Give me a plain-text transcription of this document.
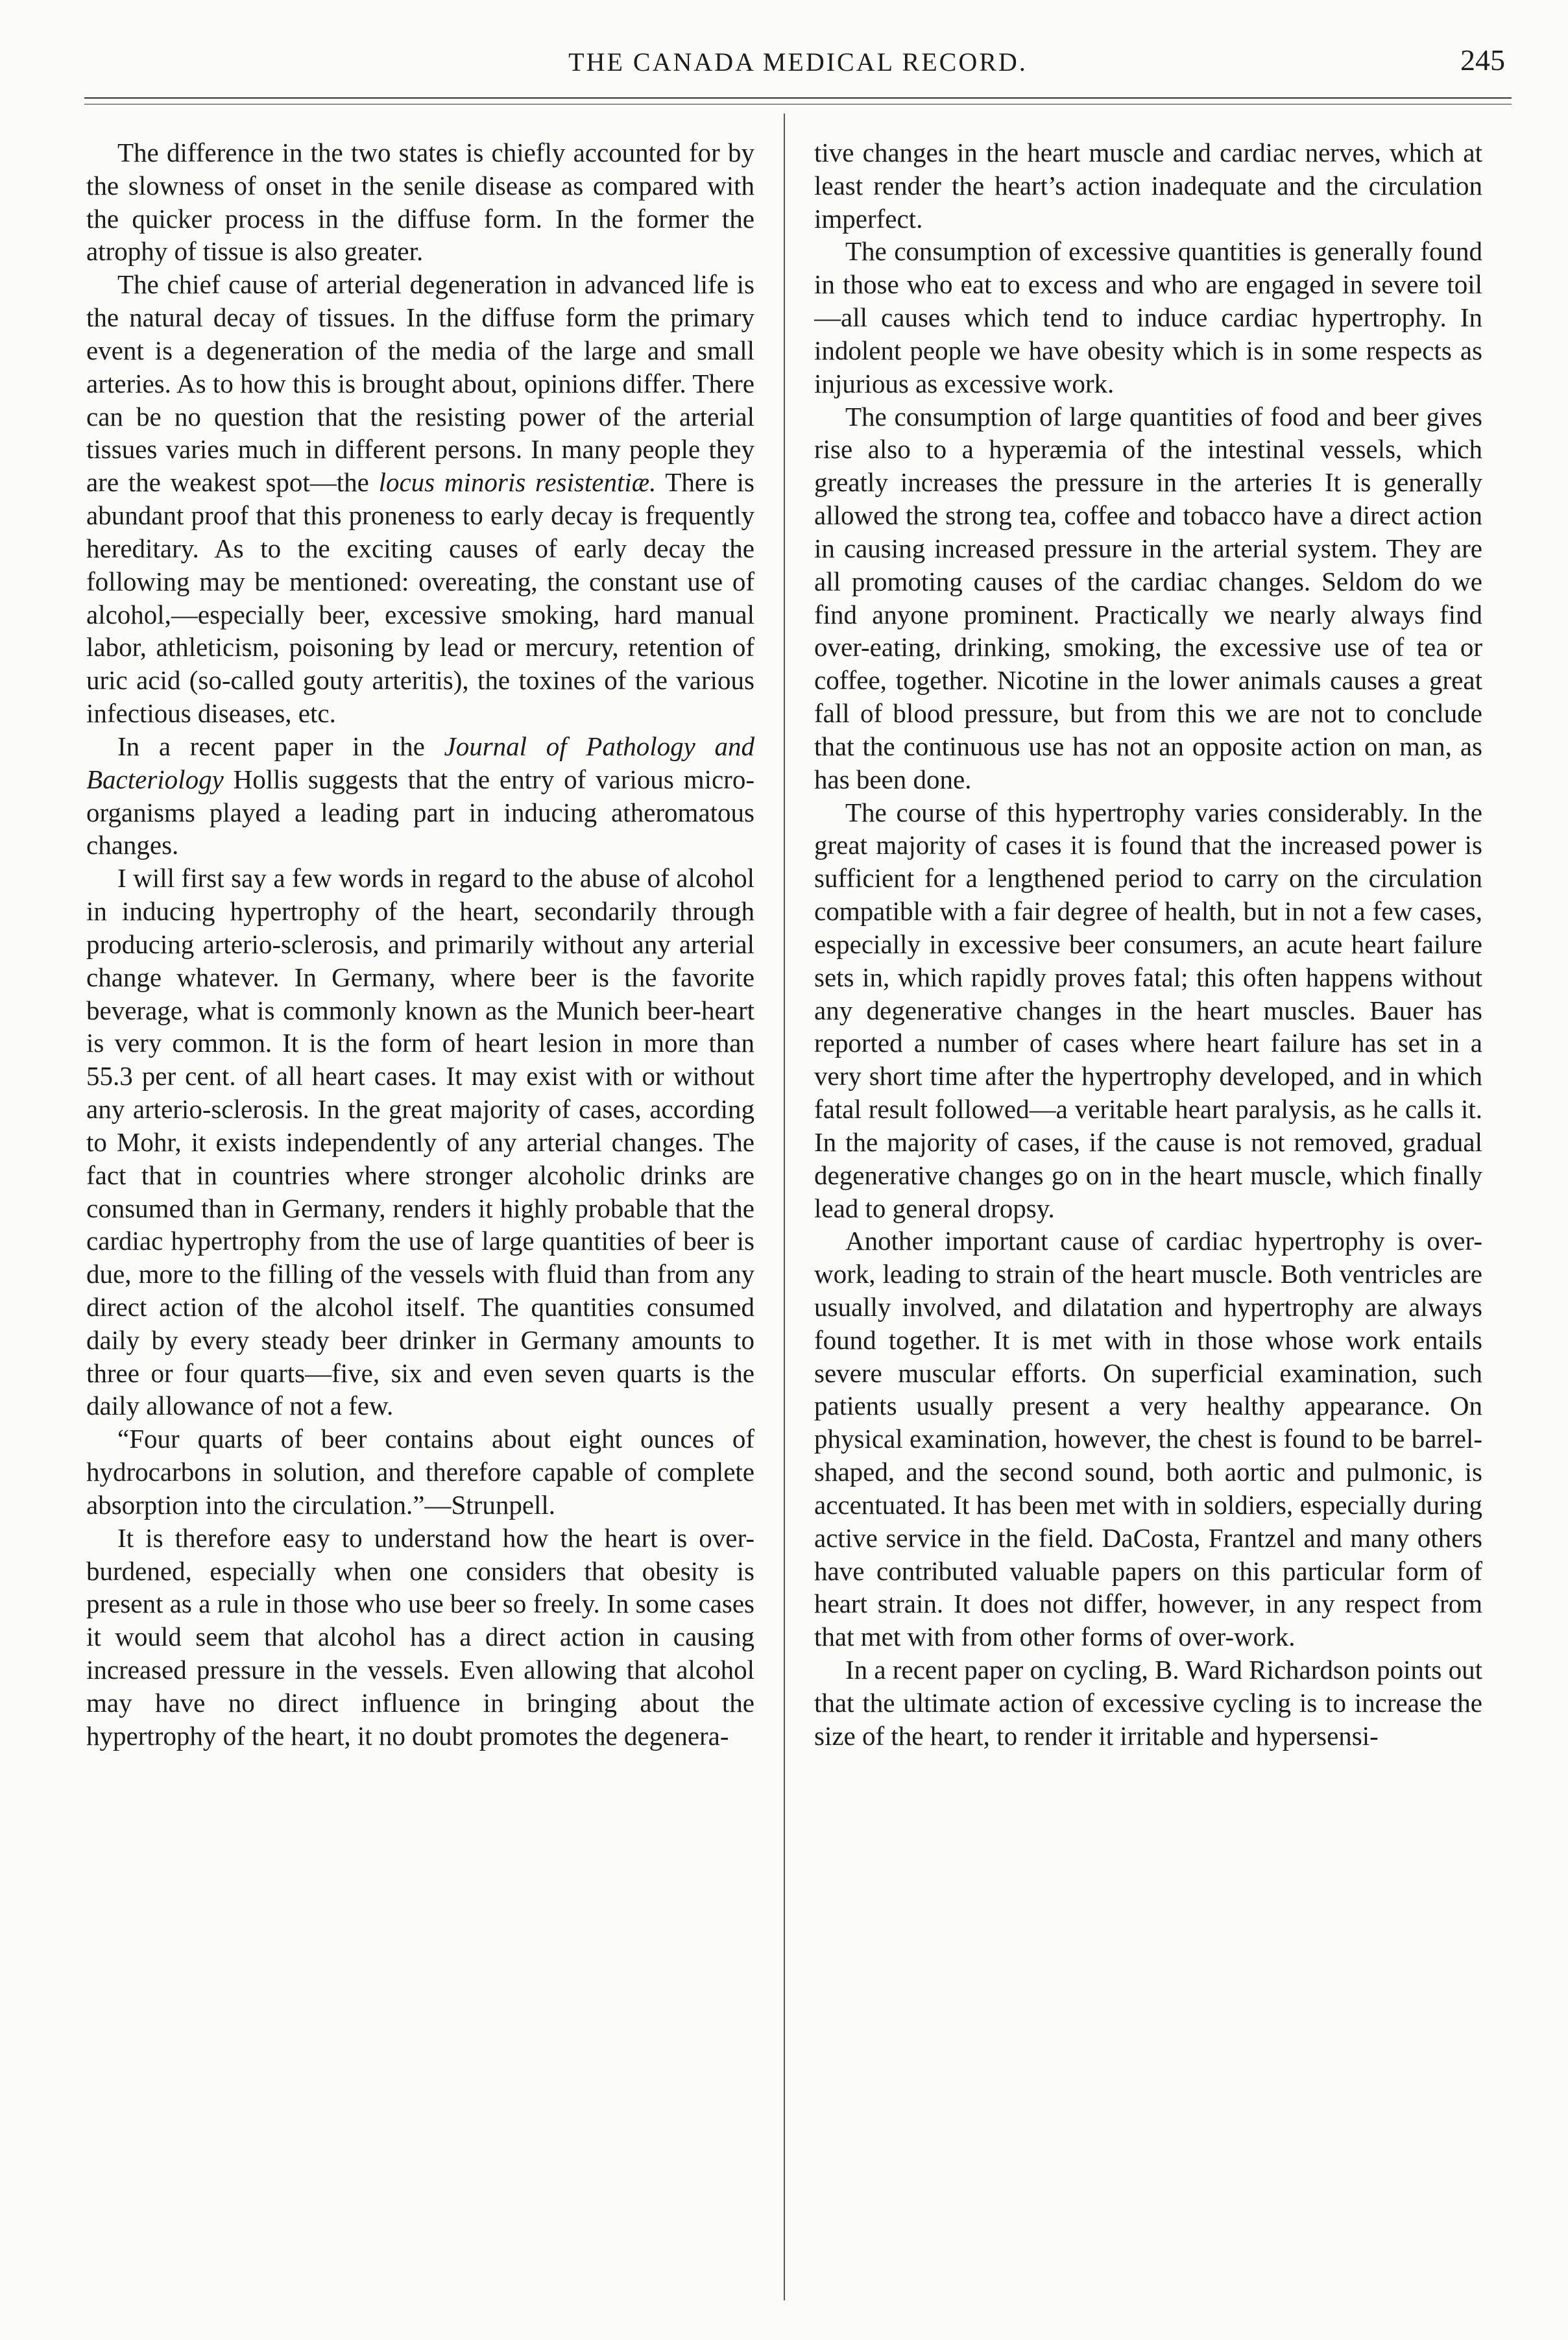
THE CANADA MEDICAL RECORD.	245

The difference in the two states is chiefly accounted for by the slowness of onset in the senile disease as compared with the quicker process in the diffuse form. In the former the atrophy of tissue is also greater.

The chief cause of arterial degeneration in advanced life is the natural decay of tissues. In the diffuse form the primary event is a degeneration of the media of the large and small arteries. As to how this is brought about, opinions differ. There can be no question that the resisting power of the arterial tissues varies much in different persons. In many people they are the weakest spot—the locus minoris resistentiæ. There is abundant proof that this proneness to early decay is frequently hereditary. As to the exciting causes of early decay the following may be mentioned: overeating, the constant use of alcohol,—especially beer, excessive smoking, hard manual labor, athleticism, poisoning by lead or mercury, retention of uric acid (so-called gouty arteritis), the toxines of the various infectious diseases, etc.

In a recent paper in the Journal of Pathology and Bacteriology Hollis suggests that the entry of various micro-organisms played a leading part in inducing atheromatous changes.

I will first say a few words in regard to the abuse of alcohol in inducing hypertrophy of the heart, secondarily through producing arterio-sclerosis, and primarily without any arterial change whatever. In Germany, where beer is the favorite beverage, what is commonly known as the Munich beer-heart is very common. It is the form of heart lesion in more than 55.3 per cent. of all heart cases. It may exist with or without any arterio-sclerosis. In the great majority of cases, according to Mohr, it exists independently of any arterial changes. The fact that in countries where stronger alcoholic drinks are consumed than in Germany, renders it highly probable that the cardiac hypertrophy from the use of large quantities of beer is due, more to the filling of the vessels with fluid than from any direct action of the alcohol itself. The quantities consumed daily by every steady beer drinker in Germany amounts to three or four quarts—five, six and even seven quarts is the daily allowance of not a few.

“Four quarts of beer contains about eight ounces of hydrocarbons in solution, and therefore capable of complete absorption into the circulation.”—Strunpell.

It is therefore easy to understand how the heart is over-burdened, especially when one considers that obesity is present as a rule in those who use beer so freely. In some cases it would seem that alcohol has a direct action in causing increased pressure in the vessels. Even allowing that alcohol may have no direct influence in bringing about the hypertrophy of the heart, it no doubt promotes the degenera-

tive changes in the heart muscle and cardiac nerves, which at least render the heart’s action inadequate and the circulation imperfect.

The consumption of excessive quantities is generally found in those who eat to excess and who are engaged in severe toil—all causes which tend to induce cardiac hypertrophy. In indolent people we have obesity which is in some respects as injurious as excessive work.

The consumption of large quantities of food and beer gives rise also to a hyperæmia of the intestinal vessels, which greatly increases the pressure in the arteries It is generally allowed the strong tea, coffee and tobacco have a direct action in causing increased pressure in the arterial system. They are all promoting causes of the cardiac changes. Seldom do we find anyone prominent. Practically we nearly always find over-eating, drinking, smoking, the excessive use of tea or coffee, together. Nicotine in the lower animals causes a great fall of blood pressure, but from this we are not to conclude that the continuous use has not an opposite action on man, as has been done.

The course of this hypertrophy varies considerably. In the great majority of cases it is found that the increased power is sufficient for a lengthened period to carry on the circulation compatible with a fair degree of health, but in not a few cases, especially in excessive beer consumers, an acute heart failure sets in, which rapidly proves fatal; this often happens without any degenerative changes in the heart muscles. Bauer has reported a number of cases where heart failure has set in a very short time after the hypertrophy developed, and in which fatal result followed—a veritable heart paralysis, as he calls it. In the majority of cases, if the cause is not removed, gradual degenerative changes go on in the heart muscle, which finally lead to general dropsy.

Another important cause of cardiac hypertrophy is over-work, leading to strain of the heart muscle. Both ventricles are usually involved, and dilatation and hypertrophy are always found together. It is met with in those whose work entails severe muscular efforts. On superficial examination, such patients usually present a very healthy appearance. On physical examination, however, the chest is found to be barrel-shaped, and the second sound, both aortic and pulmonic, is accentuated. It has been met with in soldiers, especially during active service in the field. DaCosta, Frantzel and many others have contributed valuable papers on this particular form of heart strain. It does not differ, however, in any respect from that met with from other forms of over-work.

In a recent paper on cycling, B. Ward Richardson points out that the ultimate action of excessive cycling is to increase the size of the heart, to render it irritable and hypersensi-
